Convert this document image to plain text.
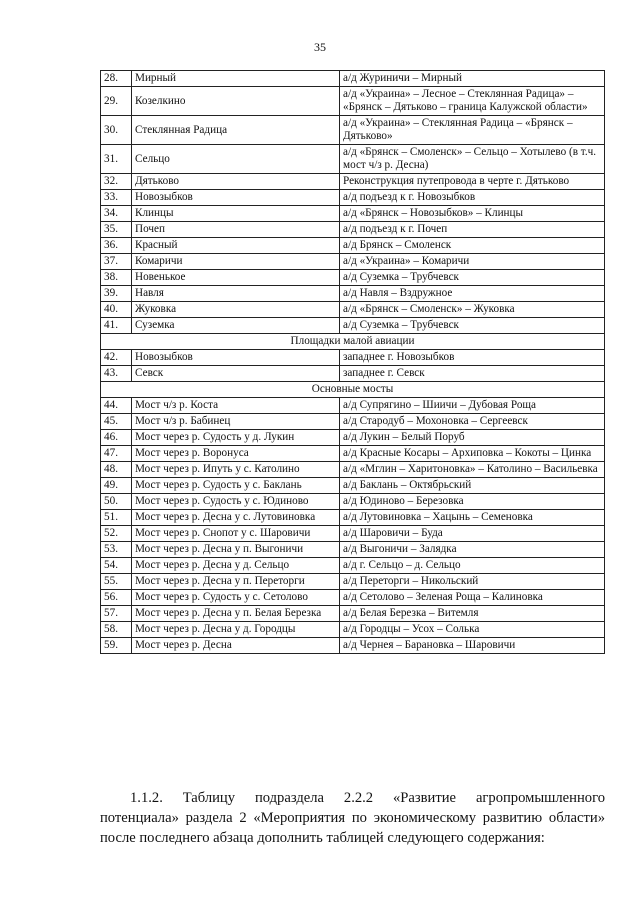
35
28.	Мирный	а/д Журиничи – Мирный
29.	Козелкино	а/д «Украина» – Лесное – Стеклянная Радица» – «Брянск – Дятьково – граница Калужской области»
30.	Стеклянная Радица	а/д «Украина» – Стеклянная Радица – «Брянск – Дятьково»
31.	Сельцо	а/д «Брянск – Смоленск» – Сельцо – Хотылево (в т.ч. мост ч/з р. Десна)
32.	Дятьково	Реконструкция путепровода в черте г. Дятьково
33.	Новозыбков	а/д подъезд к г. Новозыбков
34.	Клинцы	а/д «Брянск – Новозыбков» – Клинцы
35.	Почеп	а/д подъезд к г. Почеп
36.	Красный	а/д Брянск – Смоленск
37.	Комаричи	а/д «Украина» – Комаричи
38.	Новенькое	а/д Суземка – Трубчевск
39.	Навля	а/д Навля – Вздружное
40.	Жуковка	а/д «Брянск – Смоленск» – Жуковка
41.	Суземка	а/д Суземка – Трубчевск
Площадки малой авиации		
42.	Новозыбков	западнее г. Новозыбков
43.	Севск	западнее г. Севск
Основные мосты		
44.	Мост ч/з р. Коста	а/д Супрягино – Шиичи – Дубовая Роща
45.	Мост ч/з р. Бабинец	а/д Стародуб – Мохоновка – Сергеевск
46.	Мост через р. Судость у д. Лукин	а/д Лукин – Белый Поруб
47.	Мост через р. Воронуса	а/д Красные Косары – Архиповка – Кокоты – Цинка
48.	Мост через р. Ипуть у с. Католино	а/д «Мглин – Харитоновка» – Католино – Васильевка
49.	Мост через р. Судость у с. Баклань	а/д Баклань – Октябрьский
50.	Мост через р. Судость у с. Юдиново	а/д Юдиново – Березовка
51.	Мост через р. Десна у с. Лутовиновка	а/д Лутовиновка – Хацынь – Семеновка
52.	Мост через р. Снопот у с. Шаровичи	а/д Шаровичи – Буда
53.	Мост через р. Десна у п. Выгоничи	а/д Выгоничи – Залядка
54.	Мост через р. Десна у д. Сельцо	а/д г. Сельцо – д. Сельцо
55.	Мост через р. Десна у п. Переторги	а/д Переторги – Никольский
56.	Мост через р. Судость у с. Сетолово	а/д Сетолово – Зеленая Роща – Калиновка
57.	Мост через р. Десна у п. Белая Березка	а/д Белая Березка – Витемля
58.	Мост через р. Десна у д. Городцы	а/д Городцы – Усох – Солька
59.	Мост через р. Десна	а/д Чернея – Барановка – Шаровичи
1.1.2. Таблицу подраздела 2.2.2 «Развитие агропромышленного потенциала» раздела 2 «Мероприятия по экономическому развитию области» после последнего абзаца дополнить таблицей следующего содержания:
